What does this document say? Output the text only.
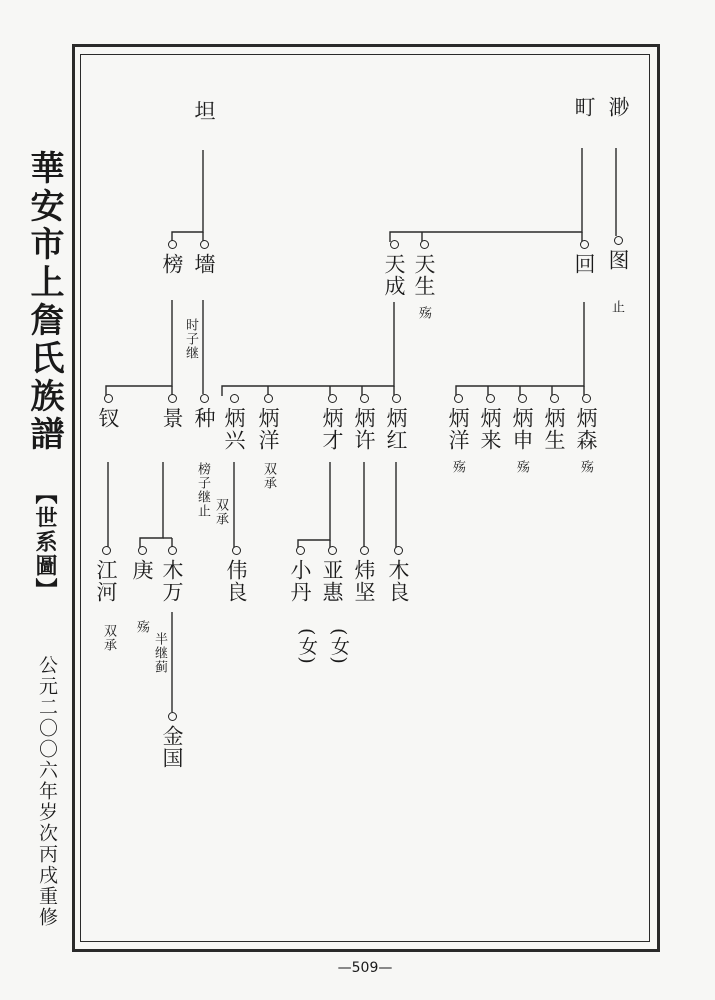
華安市上詹氏族譜
【世系圖】
公元二〇〇六年岁次丙戌重修
坦	町 渺
榜 墻	天成 天生	回 图
殇	止
时子继
钗 景 种 炳兴 炳洋 炳才 炳许 炳红 炳洋 炳来 炳申 炳生 炳森
双承
榜子继止 双承
殇	殇	殇
江河 庚 木万 伟良 小丹 亚惠 炜坚 木良
(女) (女)
双承 殇
半继蓟
金国
—509—
